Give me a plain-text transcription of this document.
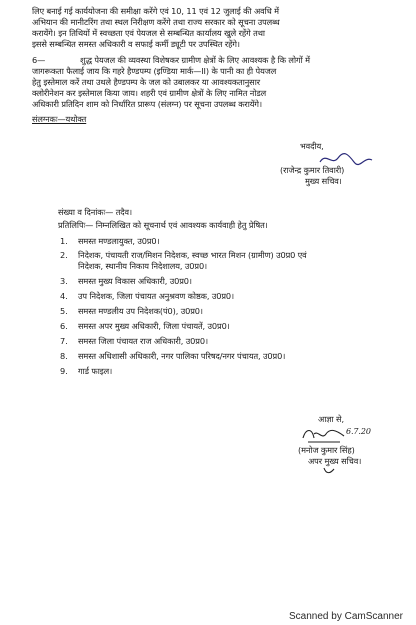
लिए बनाई गई कार्ययोजना की समीक्षा करेंगे एवं 10, 11 एवं 12 जुलाई की अवधि में
अभियान की मानीटरिंग तथा स्थल निरीक्षण करेंगे तथा राज्य सरकार को सूचना उपलब्ध
करायेंगे। इन तिथियों में स्वच्छता एवं पेयजल से सम्बन्धित कार्यालय खुले रहेंगे तथा
इससे सम्बन्धित समस्त अधिकारी व सफाई कर्मी ड्यूटी पर उपस्थित रहेंगे।
6—	शुद्ध पेयजल की व्यवस्था विशेषकर ग्रामीण क्षेत्रों के लिए आवश्यक है कि लोगों में
जागरूकता फैलाई जाय कि गहरे हैण्डपम्प (इण्डिया मार्क—II) के पानी का ही पेयजल
हेतु इस्तेमाल करें तथा उथले हैण्डपम्प के जल को उबालकर या आवश्यकतानुसार
क्लोरीनेशन कर इस्तेमाल किया जाय। शहरी एवं ग्रामीण क्षेत्रों के लिए नामित नोडल
अधिकारी प्रतिदिन शाम को निर्धारित प्रारूप (संलग्न) पर सूचना उपलब्ध करायेंगे।
संलग्नकः—यथोक्त
भवदीय,
(राजेन्द्र कुमार तिवारी)
मुख्य सचिव।
संख्या व दिनांकः— तदैव।
प्रतिलिपिः— निम्नलिखित को सूचनार्थ एवं आवश्यक कार्यवाही हेतु प्रेषित।
1. समस्त मण्डलायुक्त, उ0प्र0।
2. निदेशक, पंचायती राज/मिशन निदेशक, स्वच्छ भारत मिशन (ग्रामीण) उ0प्र0 एवं
निदेशक, स्थानीय निकाय निदेशालय, उ0प्र0।
3. समस्त मुख्य विकास अधिकारी, उ0प्र0।
4. उप निदेशक, जिला पंचायत अनुश्रवण कोष्ठक, उ0प्र0।
5. समस्त मण्डलीय उप निदेशक(पं0), उ0प्र0।
6. समस्त अपर मुख्य अधिकारी, जिला पंचायतें, उ0प्र0।
7. समस्त जिला पंचायत राज अधिकारी, उ0प्र0।
8. समस्त अधिशासी अधिकारी, नगर पालिका परिषद/नगर पंचायत, उ0प्र0।
9. गार्ड फाइल।
आज्ञा से,
6.7.20
(मनोज कुमार सिंह)
अपर मुख्य सचिव।
Scanned by CamScanner
